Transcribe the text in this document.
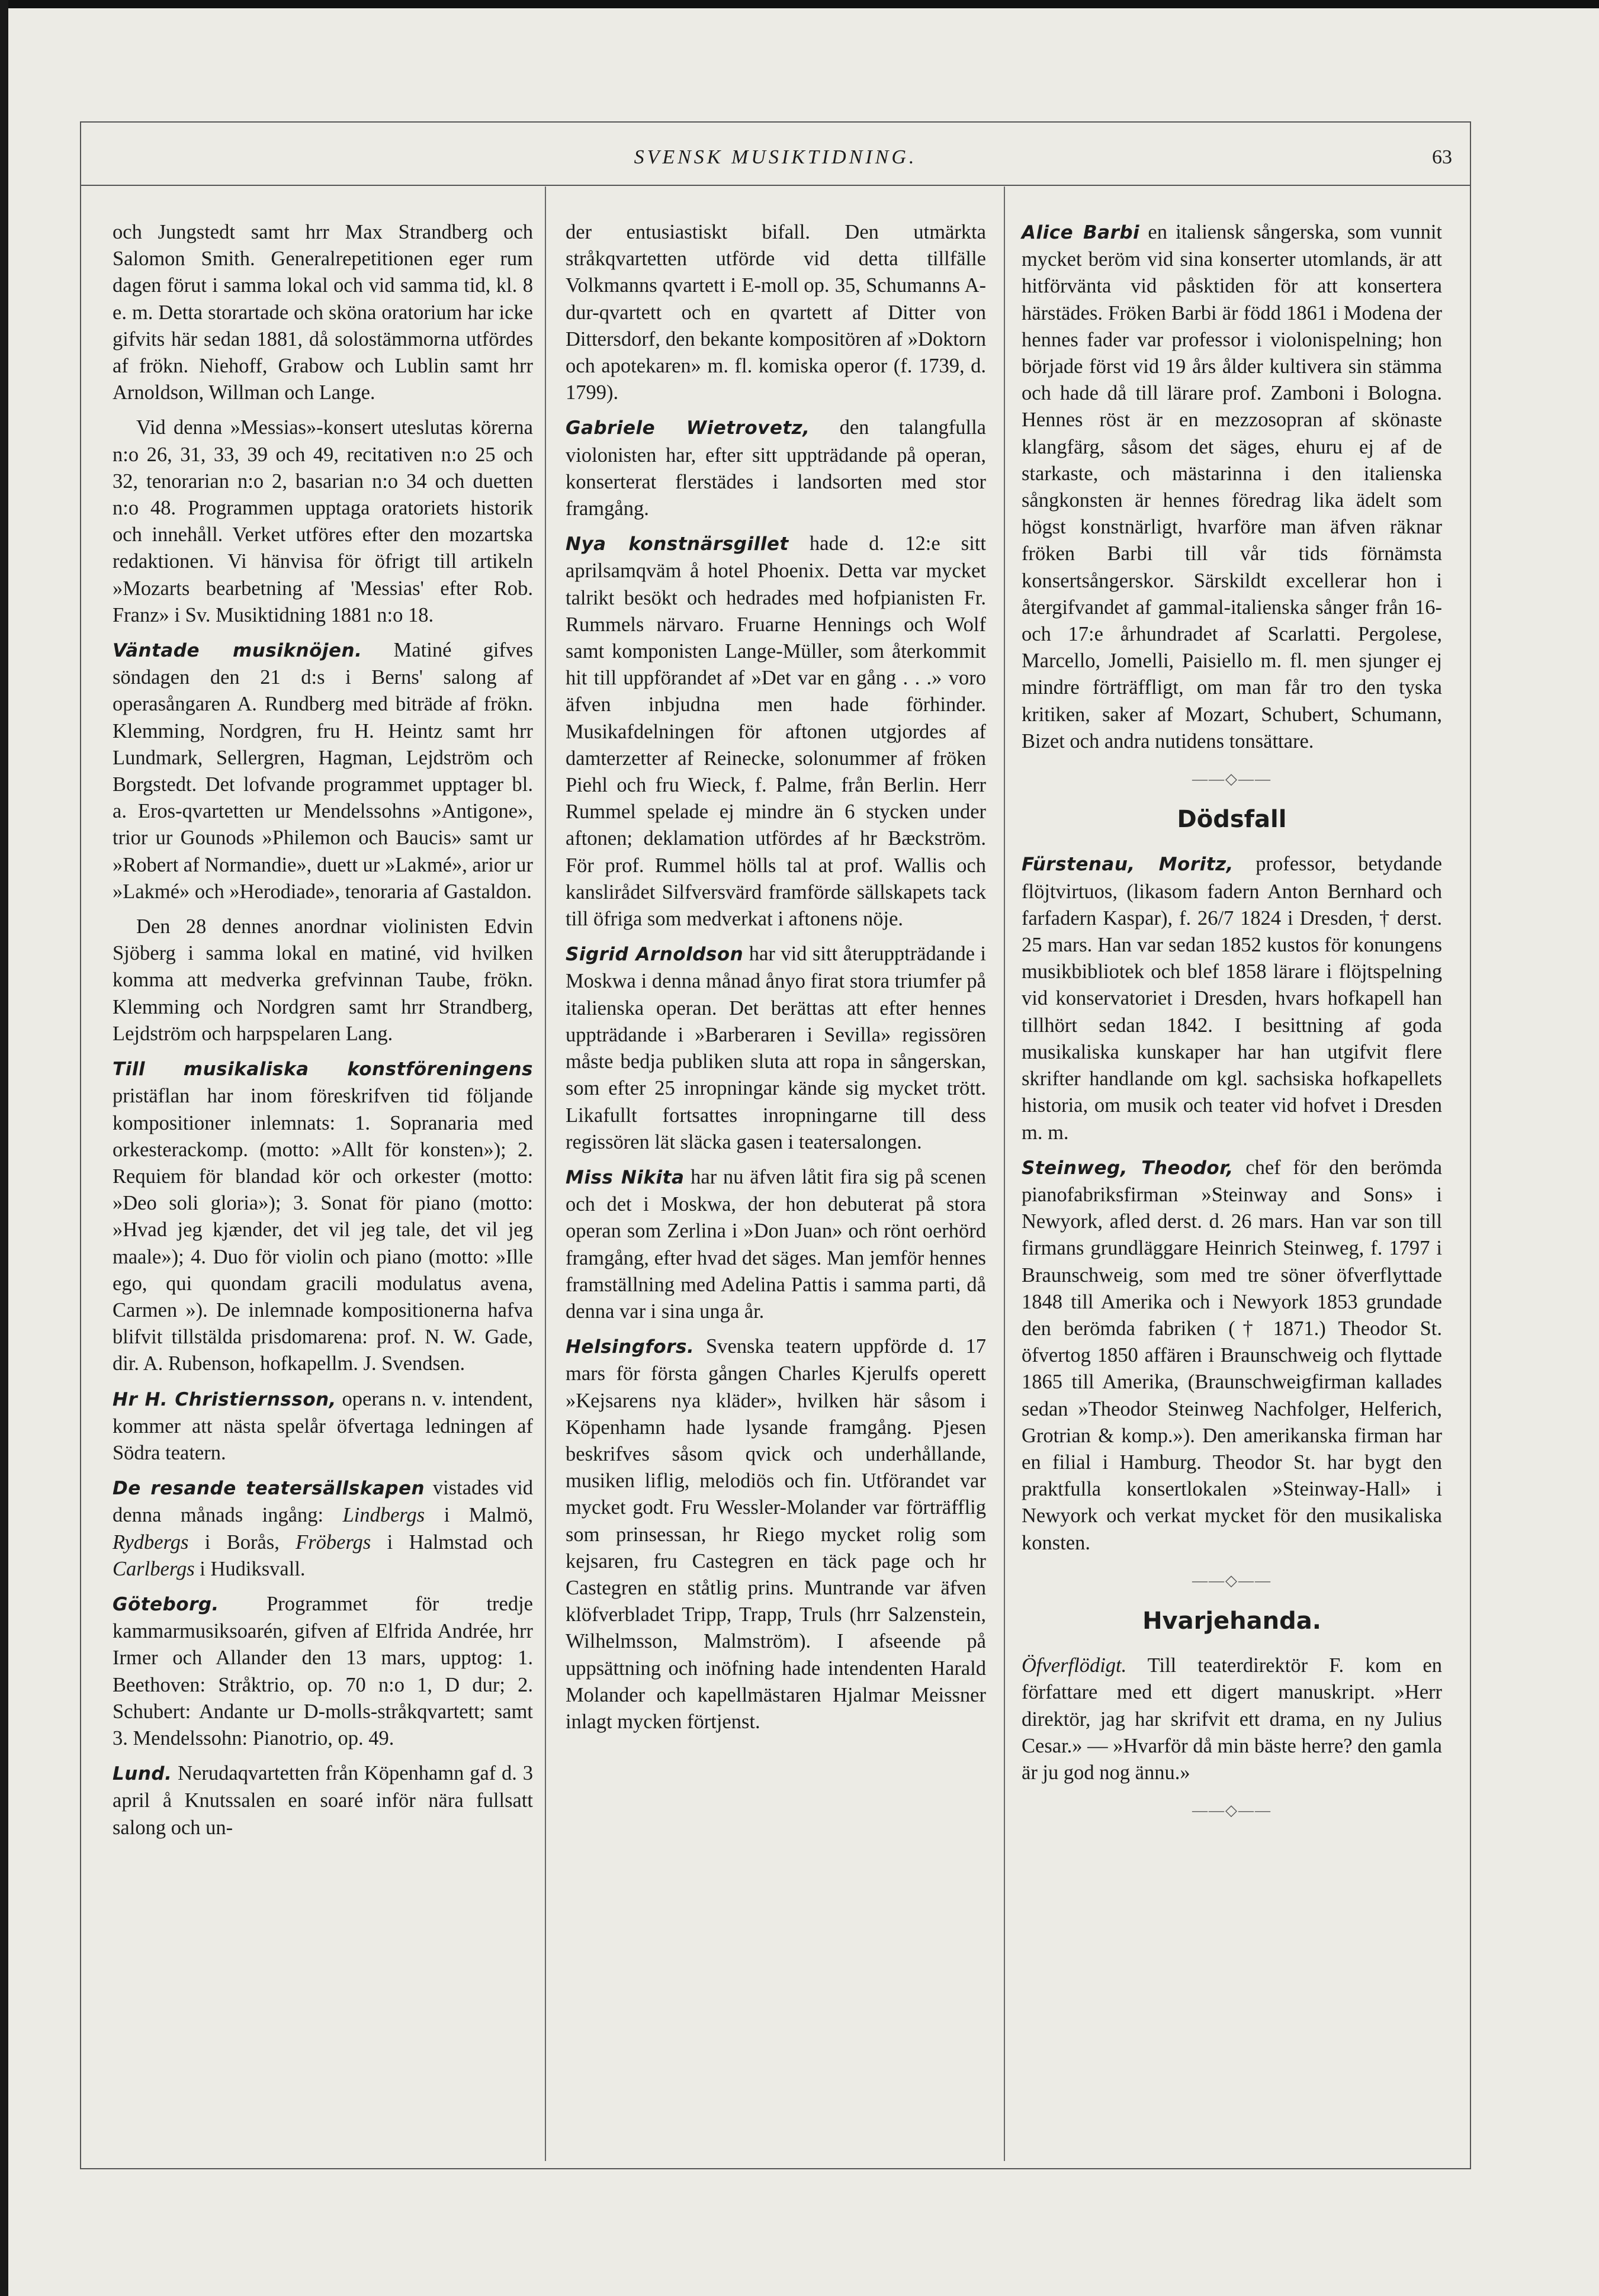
SVENSK MUSIKTIDNING.	63

och Jungstedt samt hrr Max Strandberg och Salomon Smith. Generalrepetitionen eger rum dagen förut i samma lokal och vid samma tid, kl. 8 e. m. Detta storartade och sköna oratorium har icke gifvits här sedan 1881, då solostämmorna utfördes af frökn. Niehoff, Grabow och Lublin samt hrr Arnoldson, Willman och Lange.

Vid denna »Messias»-konsert uteslutas körerna n:o 26, 31, 33, 39 och 49, recitativen n:o 25 och 32, tenorarian n:o 2, basarian n:o 34 och duetten n:o 48. Programmen upptaga oratoriets historik och innehåll. Verket utföres efter den mozartska redaktionen. Vi hänvisa för öfrigt till artikeln »Mozarts bearbetning af 'Messias' efter Rob. Franz» i Sv. Musiktidning 1881 n:o 18.

Väntade musiknöjen. Matiné gifves söndagen den 21 d:s i Berns' salong af operasångaren A. Rundberg med biträde af frökn. Klemming, Nordgren, fru H. Heintz samt hrr Lundmark, Sellergren, Hagman, Lejdström och Borgstedt. Det lofvande programmet upptager bl. a. Eros-qvartetten ur Mendelssohns »Antigone», trior ur Gounods »Philemon och Baucis» samt ur »Robert af Normandie», duett ur »Lakmé», arior ur »Lakmé» och »Herodiade», tenoraria af Gastaldon.

Den 28 dennes anordnar violinisten Edvin Sjöberg i samma lokal en matiné, vid hvilken komma att medverka grefvinnan Taube, frökn. Klemming och Nordgren samt hrr Strandberg, Lejdström och harpspelaren Lang.

Till musikaliska konstföreningens pristäflan har inom föreskrifven tid följande kompositioner inlemnats: 1. Sopranaria med orkesterackomp. (motto: »Allt för konsten»); 2. Requiem för blandad kör och orkester (motto: »Deo soli gloria»); 3. Sonat för piano (motto: »Hvad jeg kjænder, det vil jeg tale, det vil jeg maale»); 4. Duo för violin och piano (motto: »Ille ego, qui quondam gracili modulatus avena, Carmen »). De inlemnade kompositionerna hafva blifvit tillstälda prisdomarena: prof. N. W. Gade, dir. A. Rubenson, hofkapellm. J. Svendsen.

Hr H. Christiernsson, operans n. v. intendent, kommer att nästa spelår öfvertaga ledningen af Södra teatern.

De resande teatersällskapen vistades vid denna månads ingång: Lindbergs i Malmö, Rydbergs i Borås, Fröbergs i Halmstad och Carlbergs i Hudiksvall.

Göteborg. Programmet för tredje kammarmusiksoarén, gifven af Elfrida Andrée, hrr Irmer och Allander den 13 mars, upptog: 1. Beethoven: Stråktrio, op. 70 n:o 1, D dur; 2. Schubert: Andante ur D-molls-stråkqvartett; samt 3. Mendelssohn: Pianotrio, op. 49.

Lund. Nerudaqvartetten från Köpenhamn gaf d. 3 april å Knutssalen en soaré inför nära fullsatt salong och un-

der entusiastiskt bifall. Den utmärkta stråkqvartetten utförde vid detta tillfälle Volkmanns qvartett i E-moll op. 35, Schumanns A-dur-qvartett och en qvartett af Ditter von Dittersdorf, den bekante kompositören af »Doktorn och apotekaren» m. fl. komiska operor (f. 1739, d. 1799).

Gabriele Wietrovetz, den talangfulla violonisten har, efter sitt uppträdande på operan, konserterat flerstädes i landsorten med stor framgång.

Nya konstnärsgillet hade d. 12:e sitt aprilsamqväm å hotel Phoenix. Detta var mycket talrikt besökt och hedrades med hofpianisten Fr. Rummels närvaro. Fruarne Hennings och Wolf samt komponisten Lange-Müller, som återkommit hit till uppförandet af »Det var en gång . . .» voro äfven inbjudna men hade förhinder. Musikafdelningen för aftonen utgjordes af damterzetter af Reinecke, solonummer af fröken Piehl och fru Wieck, f. Palme, från Berlin. Herr Rummel spelade ej mindre än 6 stycken under aftonen; deklamation utfördes af hr Bæckström. För prof. Rummel hölls tal at prof. Wallis och kanslirådet Silfversvärd framförde sällskapets tack till öfriga som medverkat i aftonens nöje.

Sigrid Arnoldson har vid sitt återuppträdande i Moskwa i denna månad ånyo firat stora triumfer på italienska operan. Det berättas att efter hennes uppträdande i »Barberaren i Sevilla» regissören måste bedja publiken sluta att ropa in sångerskan, som efter 25 inropningar kände sig mycket trött. Likafullt fortsattes inropningarne till dess regissören lät släcka gasen i teatersalongen.

Miss Nikita har nu äfven låtit fira sig på scenen och det i Moskwa, der hon debuterat på stora operan som Zerlina i »Don Juan» och rönt oerhörd framgång, efter hvad det säges. Man jemför hennes framställning med Adelina Pattis i samma parti, då denna var i sina unga år.

Helsingfors. Svenska teatern uppförde d. 17 mars för första gången Charles Kjerulfs operett »Kejsarens nya kläder», hvilken här såsom i Köpenhamn hade lysande framgång. Pjesen beskrifves såsom qvick och underhållande, musiken liflig, melodiös och fin. Utförandet var mycket godt. Fru Wessler-Molander var förträfflig som prinsessan, hr Riego mycket rolig som kejsaren, fru Castegren en täck page och hr Castegren en ståtlig prins. Muntrande var äfven klöfverbladet Tripp, Trapp, Truls (hrr Salzenstein, Wilhelmsson, Malmström). I afseende på uppsättning och inöfning hade intendenten Harald Molander och kapellmästaren Hjalmar Meissner inlagt mycken förtjenst.

Alice Barbi en italiensk sångerska, som vunnit mycket beröm vid sina konserter utomlands, är att hitförvänta vid påsktiden för att konsertera härstädes. Fröken Barbi är född 1861 i Modena der hennes fader var professor i violonispelning; hon började först vid 19 års ålder kultivera sin stämma och hade då till lärare prof. Zamboni i Bologna. Hennes röst är en mezzosopran af skönaste klangfärg, såsom det säges, ehuru ej af de starkaste, och mästarinna i den italienska sångkonsten är hennes föredrag lika ädelt som högst konstnärligt, hvarföre man äfven räknar fröken Barbi till vår tids förnämsta konsertsångerskor. Särskildt excellerar hon i återgifvandet af gammal-italienska sånger från 16- och 17:e århundradet af Scarlatti. Pergolese, Marcello, Jomelli, Paisiello m. fl. men sjunger ej mindre förträffligt, om man får tro den tyska kritiken, saker af Mozart, Schubert, Schumann, Bizet och andra nutidens tonsättare.

——◇——
Dödsfall

Fürstenau, Moritz, professor, betydande flöjtvirtuos, (likasom fadern Anton Bernhard och farfadern Kaspar), f. 26/7 1824 i Dresden, † derst. 25 mars. Han var sedan 1852 kustos för konungens musikbibliotek och blef 1858 lärare i flöjtspelning vid konservatoriet i Dresden, hvars hofkapell han tillhört sedan 1842. I besittning af goda musikaliska kunskaper har han utgifvit flere skrifter handlande om kgl. sachsiska hofkapellets historia, om musik och teater vid hofvet i Dresden m. m.

Steinweg, Theodor, chef för den berömda pianofabriksfirman »Steinway and Sons» i Newyork, afled derst. d. 26 mars. Han var son till firmans grundläggare Heinrich Steinweg, f. 1797 i Braunschweig, som med tre söner öfverflyttade 1848 till Amerika och i Newyork 1853 grundade den berömda fabriken († 1871.) Theodor St. öfvertog 1850 affären i Braunschweig och flyttade 1865 till Amerika, (Braunschweigfirman kallades sedan »Theodor Steinweg Nachfolger, Helferich, Grotrian & komp.»). Den amerikanska firman har en filial i Hamburg. Theodor St. har bygt den praktfulla konsertlokalen »Steinway-Hall» i Newyork och verkat mycket för den musikaliska konsten.

——◇——
Hvarjehanda.

Öfverflödigt. Till teaterdirektör F. kom en författare med ett digert manuskript. »Herr direktör, jag har skrifvit ett drama, en ny Julius Cesar.» — »Hvarför då min bäste herre? den gamla är ju god nog ännu.»

——◇——
